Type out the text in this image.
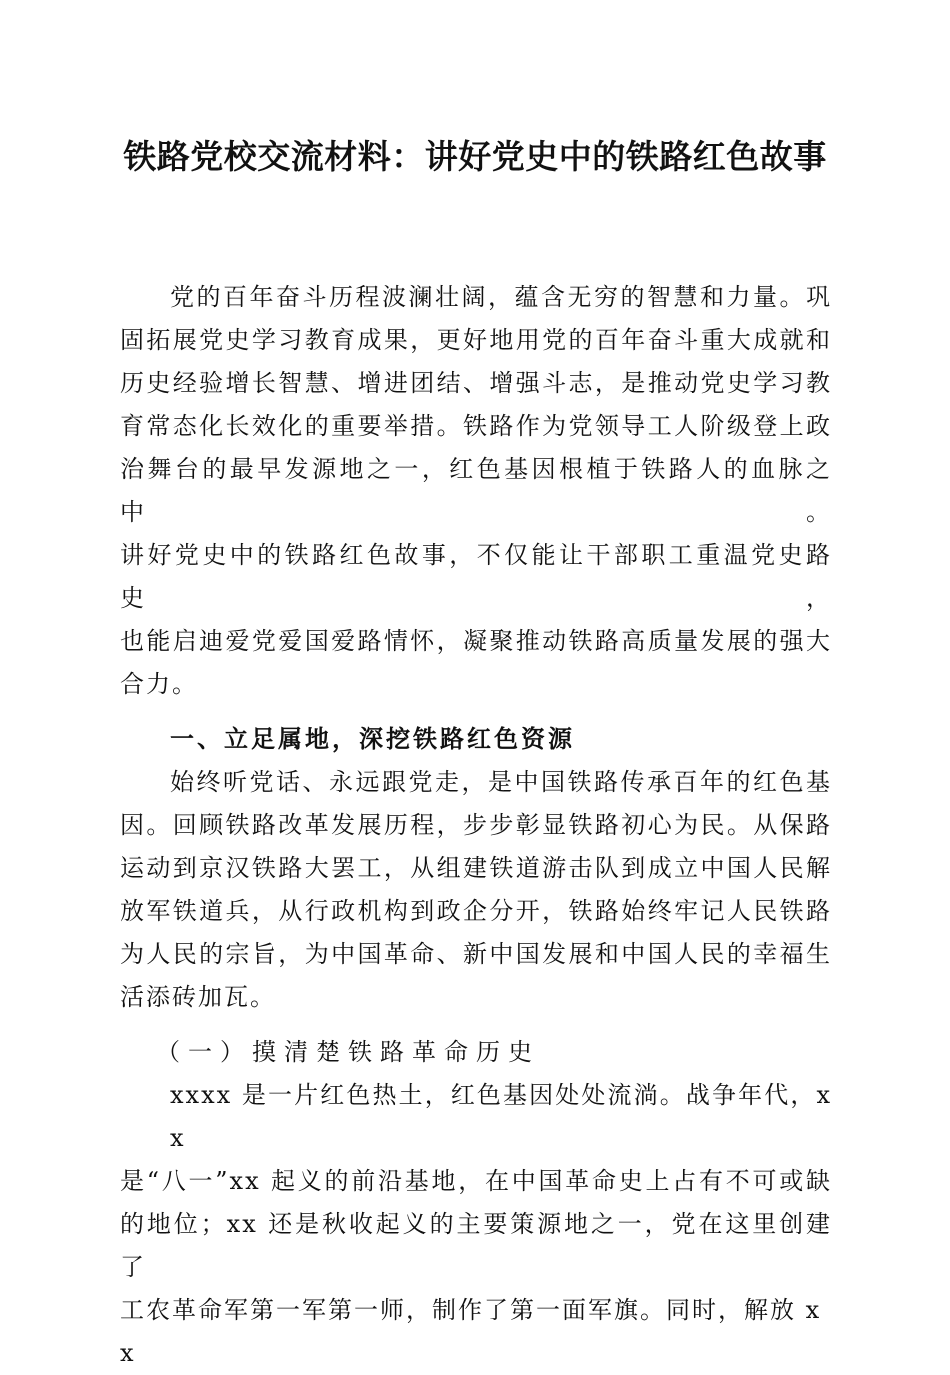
铁路党校交流材料：讲好党史中的铁路红色故事
党的百年奋斗历程波澜壮阔，蕴含无穷的智慧和力量。巩
固拓展党史学习教育成果，更好地用党的百年奋斗重大成就和
历史经验增长智慧、增进团结、增强斗志，是推动党史学习教
育常态化长效化的重要举措。铁路作为党领导工人阶级登上政
治舞台的最早发源地之一，红色基因根植于铁路人的血脉之中。
讲好党史中的铁路红色故事，不仅能让干部职工重温党史路史，
也能启迪爱党爱国爱路情怀，凝聚推动铁路高质量发展的强大
合力。
一、立足属地，深挖铁路红色资源
始终听党话、永远跟党走，是中国铁路传承百年的红色基
因。回顾铁路改革发展历程，步步彰显铁路初心为民。从保路
运动到京汉铁路大罢工，从组建铁道游击队到成立中国人民解
放军铁道兵，从行政机构到政企分开，铁路始终牢记人民铁路
为人民的宗旨，为中国革命、新中国发展和中国人民的幸福生
活添砖加瓦。
（一）摸清楚铁路革命历史
xxxx 是一片红色热土，红色基因处处流淌。战争年代，xx
是“八一”xx 起义的前沿基地，在中国革命史上占有不可或缺
的地位；xx 还是秋收起义的主要策源地之一，党在这里创建了
工农革命军第一军第一师，制作了第一面军旗。同时，解放 xx
